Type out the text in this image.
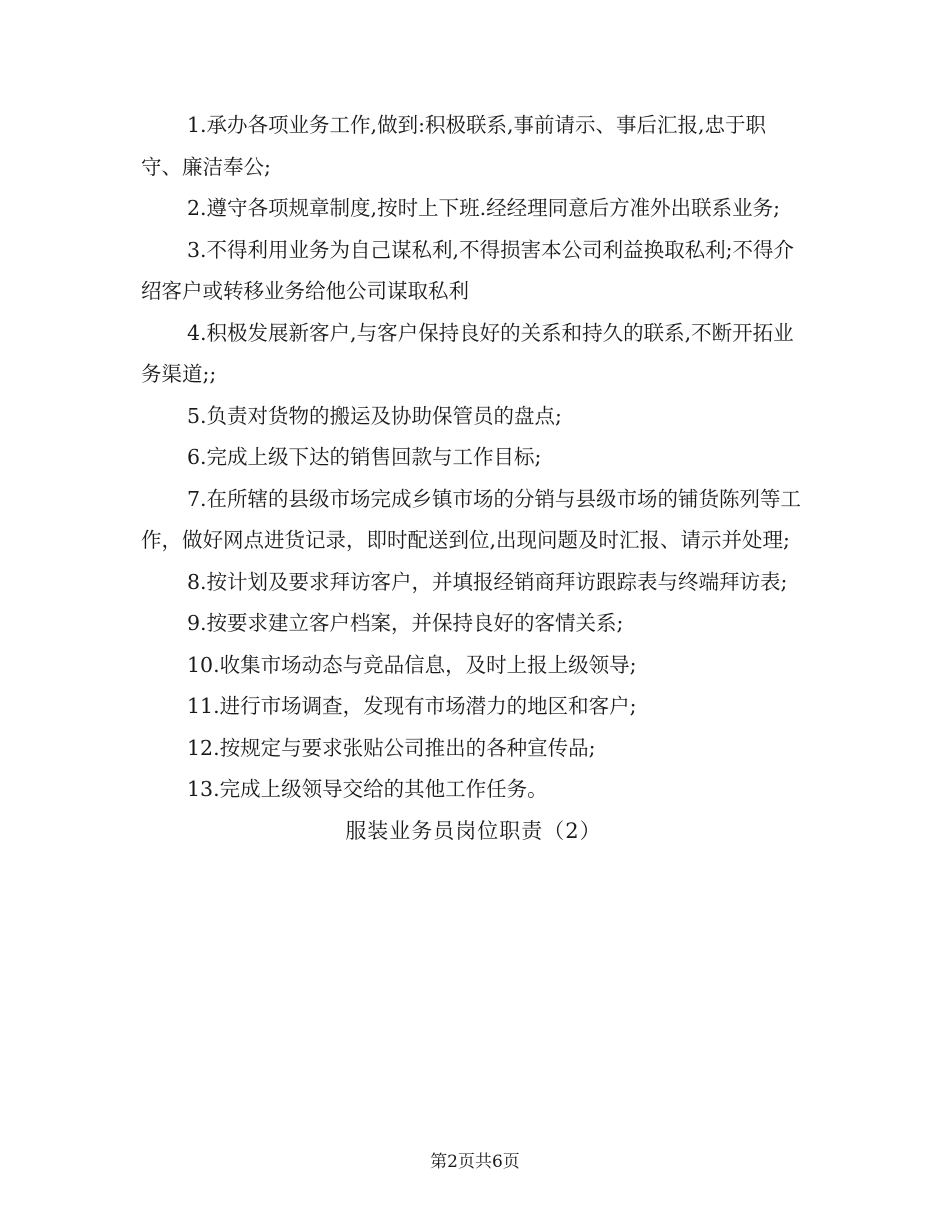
1.承办各项业务工作,做到:积极联系,事前请示、事后汇报,忠于职守、廉洁奉公;

2.遵守各项规章制度,按时上下班.经经理同意后方准外出联系业务;

3.不得利用业务为自己谋私利,不得损害本公司利益换取私利;不得介绍客户或转移业务给他公司谋取私利

4.积极发展新客户,与客户保持良好的关系和持久的联系,不断开拓业务渠道;;

5.负责对货物的搬运及协助保管员的盘点;

6.完成上级下达的销售回款与工作目标;

7.在所辖的县级市场完成乡镇市场的分销与县级市场的铺货陈列等工作，做好网点进货记录，即时配送到位,出现问题及时汇报、请示并处理;

8.按计划及要求拜访客户，并填报经销商拜访跟踪表与终端拜访表;

9.按要求建立客户档案，并保持良好的客情关系;

10.收集市场动态与竞品信息，及时上报上级领导;

11.进行市场调查，发现有市场潜力的地区和客户;

12.按规定与要求张贴公司推出的各种宣传品;

13.完成上级领导交给的其他工作任务。

服装业务员岗位职责（2）

第2页共6页
